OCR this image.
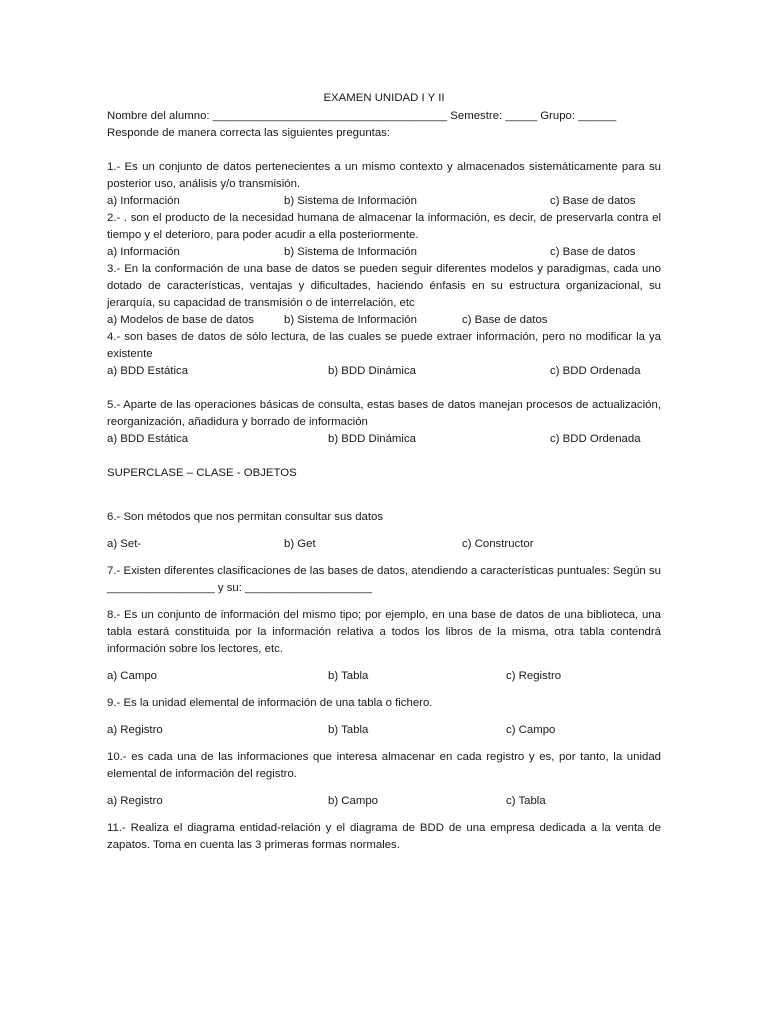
EXAMEN UNIDAD I Y II
Nombre del alumno: _____________________________________ Semestre: _____ Grupo: ______
Responde de manera correcta las siguientes preguntas:
1.- Es un conjunto de datos pertenecientes a un mismo contexto y almacenados sistemáticamente para su posterior uso, análisis y/o transmisión.
a) Información	b) Sistema de Información	c) Base de datos
2.- . son el producto de la necesidad humana de almacenar la información, es decir, de preservarla contra el tiempo y el deterioro, para poder acudir a ella posteriormente.
a) Información	b) Sistema de Información	c) Base de datos
3.- En la conformación de una base de datos se pueden seguir diferentes modelos y paradigmas, cada uno dotado de características, ventajas y dificultades, haciendo énfasis en su estructura organizacional, su jerarquía, su capacidad de transmisión o de interrelación, etc
a) Modelos de base de datos	b) Sistema de Información	c) Base de datos
4.- son bases de datos de sólo lectura, de las cuales se puede extraer información, pero no modificar la ya existente
a) BDD Estática	b) BDD Dinámica	c) BDD Ordenada
5.- Aparte de las operaciones básicas de consulta, estas bases de datos manejan procesos de actualización, reorganización, añadidura y borrado de información
a) BDD Estática	b) BDD Dinámica	c) BDD Ordenada
SUPERCLASE – CLASE - OBJETOS
6.- Son métodos que nos permitan consultar sus datos
a) Set-	b) Get	c) Constructor
7.- Existen diferentes clasificaciones de las bases de datos, atendiendo a características puntuales: Según su _________________ y su: ____________________
8.- Es un conjunto de información del mismo tipo; por ejemplo, en una base de datos de una biblioteca, una tabla estará constituida por la información relativa a todos los libros de la misma, otra tabla contendrá información sobre los lectores, etc.
a) Campo	b) Tabla	c) Registro
9.- Es la unidad elemental de información de una tabla o fichero.
a) Registro	b) Tabla	c) Campo
10.- es cada una de las informaciones que interesa almacenar en cada registro y es, por tanto, la unidad elemental de información del registro.
a) Registro	b) Campo	c) Tabla
11.- Realiza el diagrama entidad-relación y el diagrama de BDD de una empresa dedicada a la venta de zapatos. Toma en cuenta las 3 primeras formas normales.
